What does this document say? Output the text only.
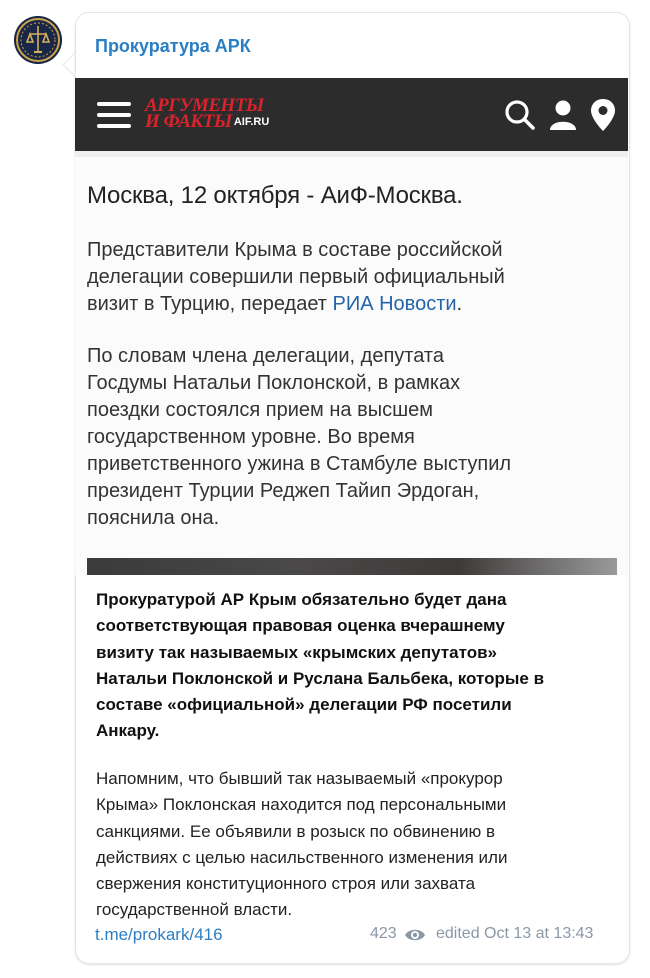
Прокуратура АРК
АРГУМЕНТЫ
И ФАКТЫ AIF.RU
Москва, 12 октября - АиФ-Москва.
Представители Крыма в составе российской
делегации совершили первый официальный
визит в Турцию, передает РИА Новости.
По словам члена делегации, депутата
Госдумы Натальи Поклонской, в рамках
поездки состоялся прием на высшем
государственном уровне. Во время
приветственного ужина в Стамбуле выступил
президент Турции Реджеп Тайип Эрдоган,
пояснила она.
Прокуратурой АР Крым обязательно будет дана
соответствующая правовая оценка вчерашнему
визиту так называемых «крымских депутатов»
Натальи Поклонской и Руслана Бальбека, которые в
составе «официальной» делегации РФ посетили
Анкару.
Напомним, что бывший так называемый «прокурор
Крыма» Поклонская находится под персональными
санкциями. Ее объявили в розыск по обвинению в
действиях с целью насильственного изменения или
свержения конституционного строя или захвата
государственной власти.
t.me/prokark/416	423 edited Oct 13 at 13:43
